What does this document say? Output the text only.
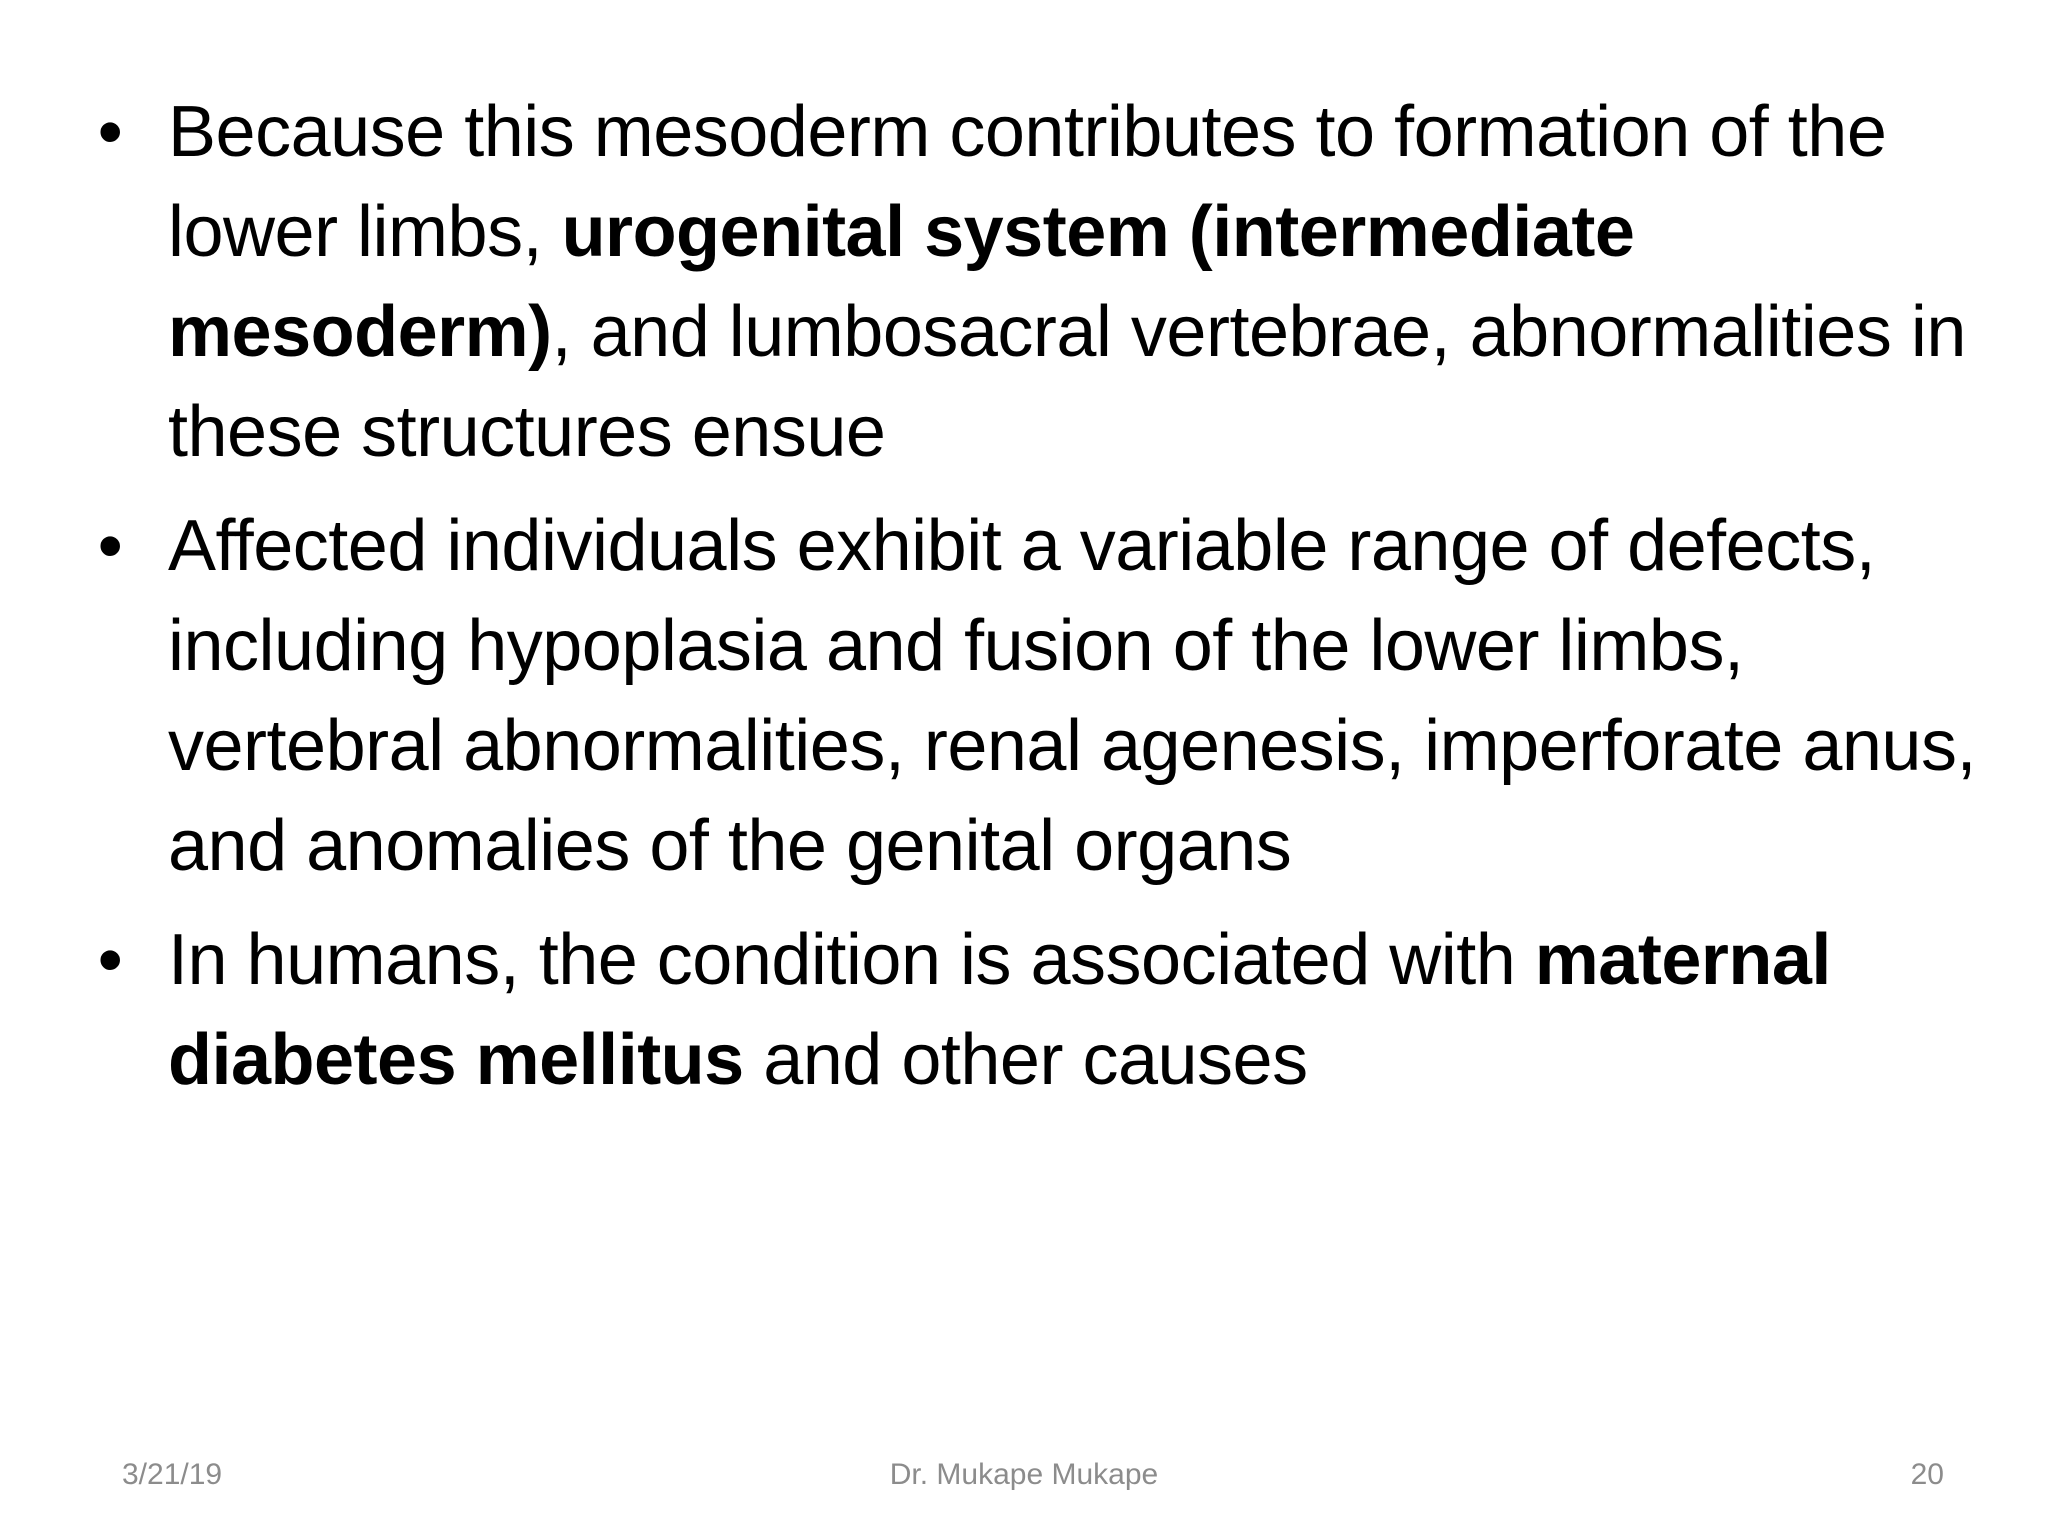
• Because this mesoderm contributes to formation of the lower limbs, urogenital system (intermediate mesoderm), and lumbosacral vertebrae, abnormalities in these structures ensue
• Affected individuals exhibit a variable range of defects, including hypoplasia and fusion of the lower limbs, vertebral abnormalities, renal agenesis, imperforate anus, and anomalies of the genital organs
• In humans, the condition is associated with maternal diabetes mellitus and other causes
Dr. Mukape Mukape
3/21/19	20
